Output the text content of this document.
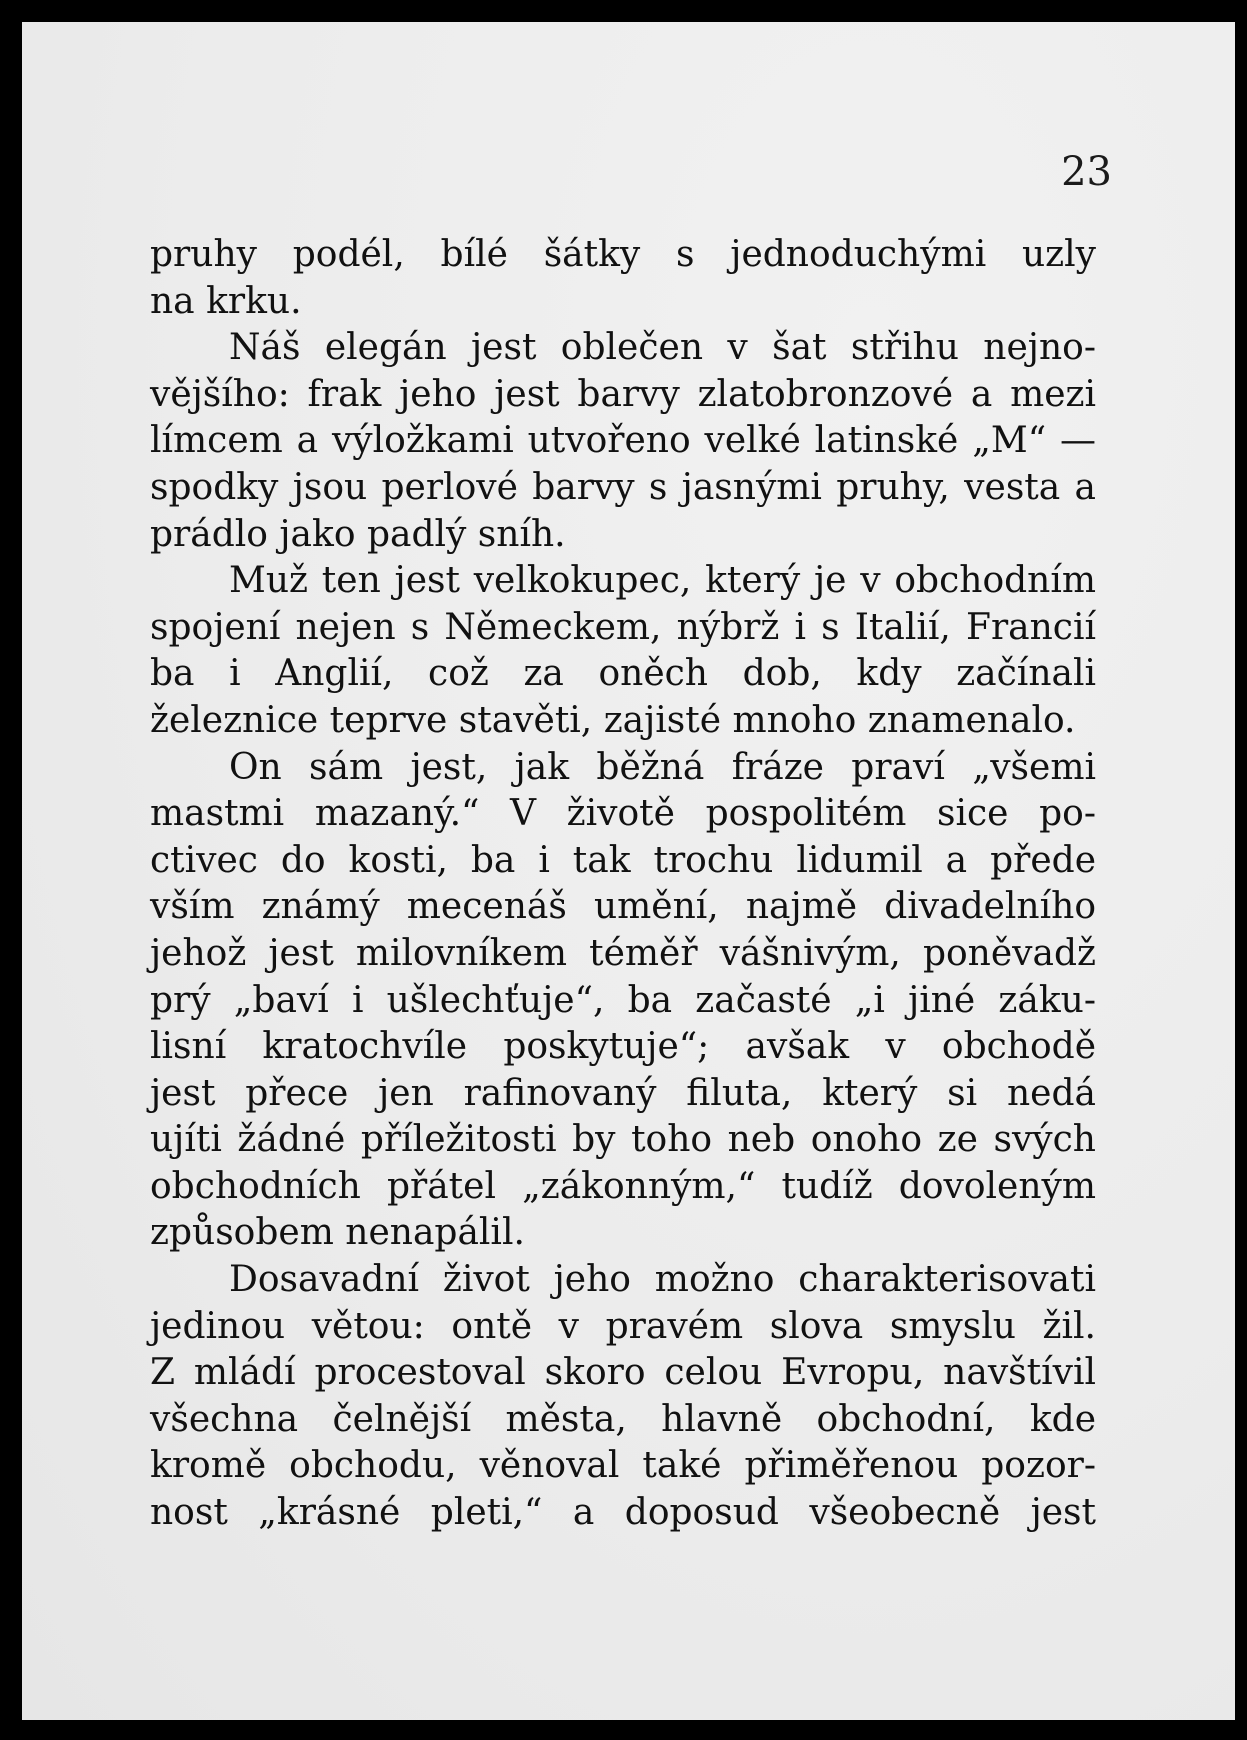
23
pruhy podél, bílé šátky s jednoduchými uzly
na krku.
Náš elegán jest oblečen v šat střihu nejno-
vějšího: frak jeho jest barvy zlatobronzové a mezi
límcem a výložkami utvořeno velké latinské „M“ —
spodky jsou perlové barvy s jasnými pruhy, vesta a
prádlo jako padlý sníh.
Muž ten jest velkokupec, který je v obchodním
spojení nejen s Německem, nýbrž i s Italií, Francií
ba i Anglií, což za oněch dob, kdy začínali
železnice teprve stavěti, zajisté mnoho znamenalo.
On sám jest, jak běžná fráze praví „všemi
mastmi mazaný.“ V životě pospolitém sice po-
ctivec do kosti, ba i tak trochu lidumil a přede
vším známý mecenáš umění, najmě divadelního
jehož jest milovníkem téměř vášnivým, poněvadž
prý „baví i ušlechťuje“, ba začasté „i jiné záku-
lisní kratochvíle poskytuje“; avšak v obchodě
jest přece jen rafinovaný filuta, který si nedá
ujíti žádné příležitosti by toho neb onoho ze svých
obchodních přátel „zákonným,“ tudíž dovoleným
způsobem nenapálil.
Dosavadní život jeho možno charakterisovati
jedinou větou: ontě v pravém slova smyslu žil.
Z mládí procestoval skoro celou Evropu, navštívil
všechna čelnější města, hlavně obchodní, kde
kromě obchodu, věnoval také přiměřenou pozor-
nost „krásné pleti,“ a doposud všeobecně jest
